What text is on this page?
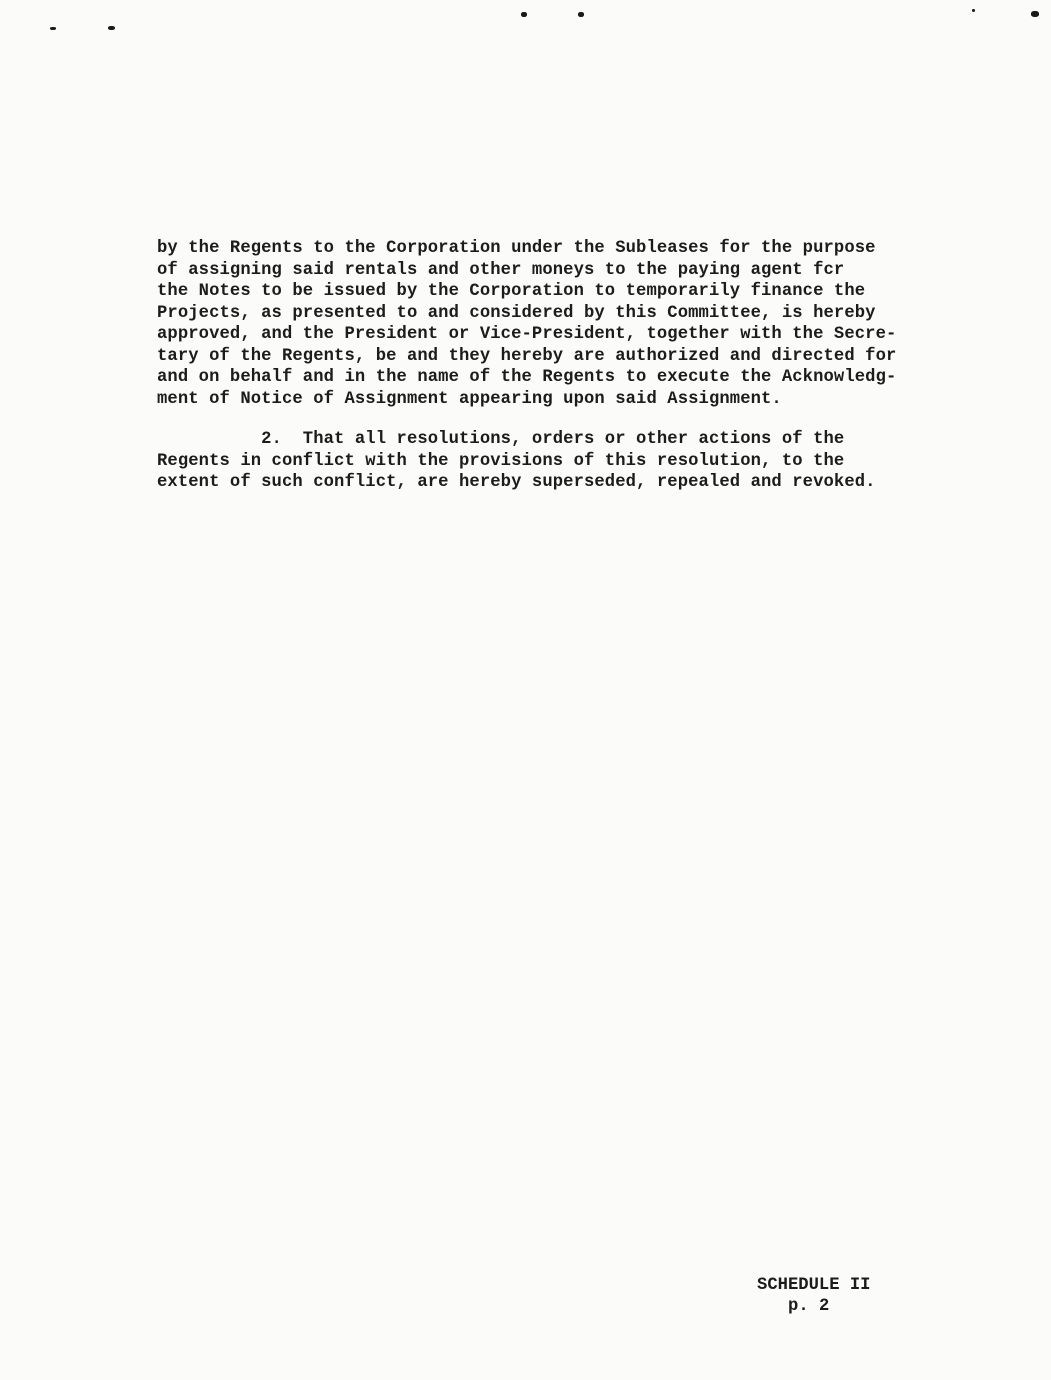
by the Regents to the Corporation under the Subleases for the purpose
of assigning said rentals and other moneys to the paying agent fcr
the Notes to be issued by the Corporation to temporarily finance the
Projects, as presented to and considered by this Committee, is hereby
approved, and the President or Vice-President, together with the Secre-
tary of the Regents, be and they hereby are authorized and directed for
and on behalf and in the name of the Regents to execute the Acknowledg-
ment of Notice of Assignment appearing upon said Assignment.
2.  That all resolutions, orders or other actions of the
Regents in conflict with the provisions of this resolution, to the
extent of such conflict, are hereby superseded, repealed and revoked.
SCHEDULE II
p. 2
